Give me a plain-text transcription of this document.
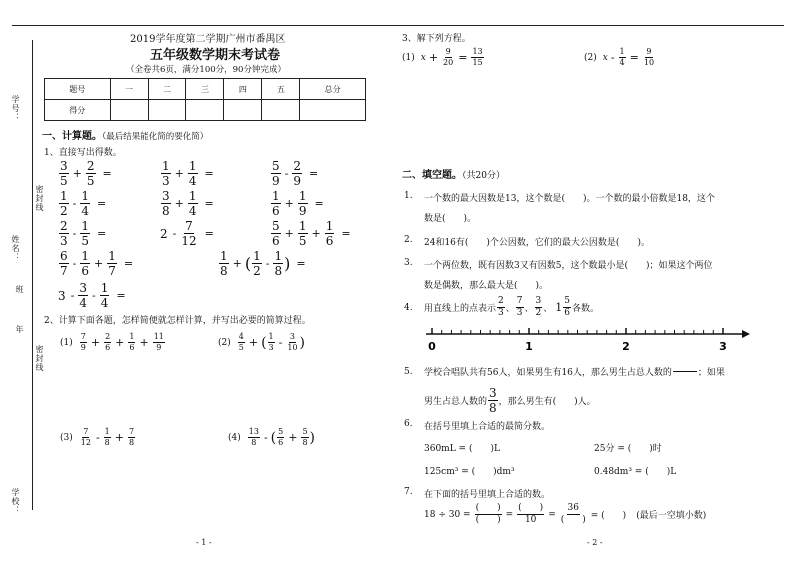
学号：
密封线
姓名：
班
年
密封线
学校：
2019学年度第二学期广州市番禺区
五年级数学期末考试卷
（全卷共6页，满分100分，90分钟完成）
题号	一	二	三	四	五	总分
得分						
一、计算题。（最后结果能化简的要化简）
1、直接写出得数。
$\frac{3}{5} + \frac{2}{5}$ =	$\frac{1}{3} + \frac{1}{4}$ =	$\frac{5}{9} - \frac{2}{9}$ =
$\frac{1}{2} - \frac{1}{4}$ =	$\frac{3}{8} + \frac{1}{4}$ =	$\frac{1}{6} + \frac{1}{9}$ =
$\frac{2}{3} - \frac{1}{5}$ =	$2 - \frac{7}{12}$ =	$\frac{5}{6} + \frac{1}{5} + \frac{1}{6}$ =
$\frac{6}{7} - \frac{1}{6} + \frac{1}{7}$ =	$\frac{1}{8}$ + ( $\frac{1}{2} - \frac{1}{8}$ ) =
$3 - \frac{3}{4} - \frac{1}{4}$ =
2、计算下面各题，怎样简便就怎样计算，并写出必要的简算过程。
$(1) \frac{7}{9} + \frac{2}{6} + \frac{1}{6} + \frac{11}{9}$	$(2) \frac{4}{5}$ + ( $\frac{1}{3} - \frac{3}{10}$ )
$(3) \frac{7}{12} - \frac{1}{8} + \frac{7}{8}$	$(4) \frac{13}{8}$ - ( $\frac{5}{6} + \frac{5}{8}$ )
- 1 -
3、解下列方程。
(1) $x + \frac{9}{20} = \frac{13}{15}$	(2) $x - \frac{1}{4} = \frac{9}{10}$
二、填空题。（共20分）
1. 一个数的最大因数是13，这个数是(　　)。一个数的最小倍数是18，这个
数是(　　)。
2. 24和16有(　　)个公因数，它们的最大公因数是(　　)。
3. 一个两位数，既有因数3又有因数5，这个数最小是(　　)；如果这个两位
数是偶数，那么最大是(　　)。
4. 用直线上的点表示 $\frac{2}{3}$ 、 $\frac{7}{3}$ 、 $\frac{3}{2}$ 、 $1 \frac{5}{6}$ 各数。
0	1	2	3
5. 学校合唱队共有56人，如果男生有16人，那么男生占总人数的

	；如果
男生占总人数的 $\frac{3}{8}$ ，那么男生有(　　)人。
6. 在括号里填上合适的最简分数。
360mL = (　　)L	25分 = (　　)时
125cm³ = (　　)dm³	0.48dm³ = (　　)L
7. 在下面的括号里填上合适的数。
$18 \div 30 = \frac{( )}{( )} = \frac{( )}{10} = \frac{36}{( )}$ = (　　) (最后一空填小数)
- 2 -
